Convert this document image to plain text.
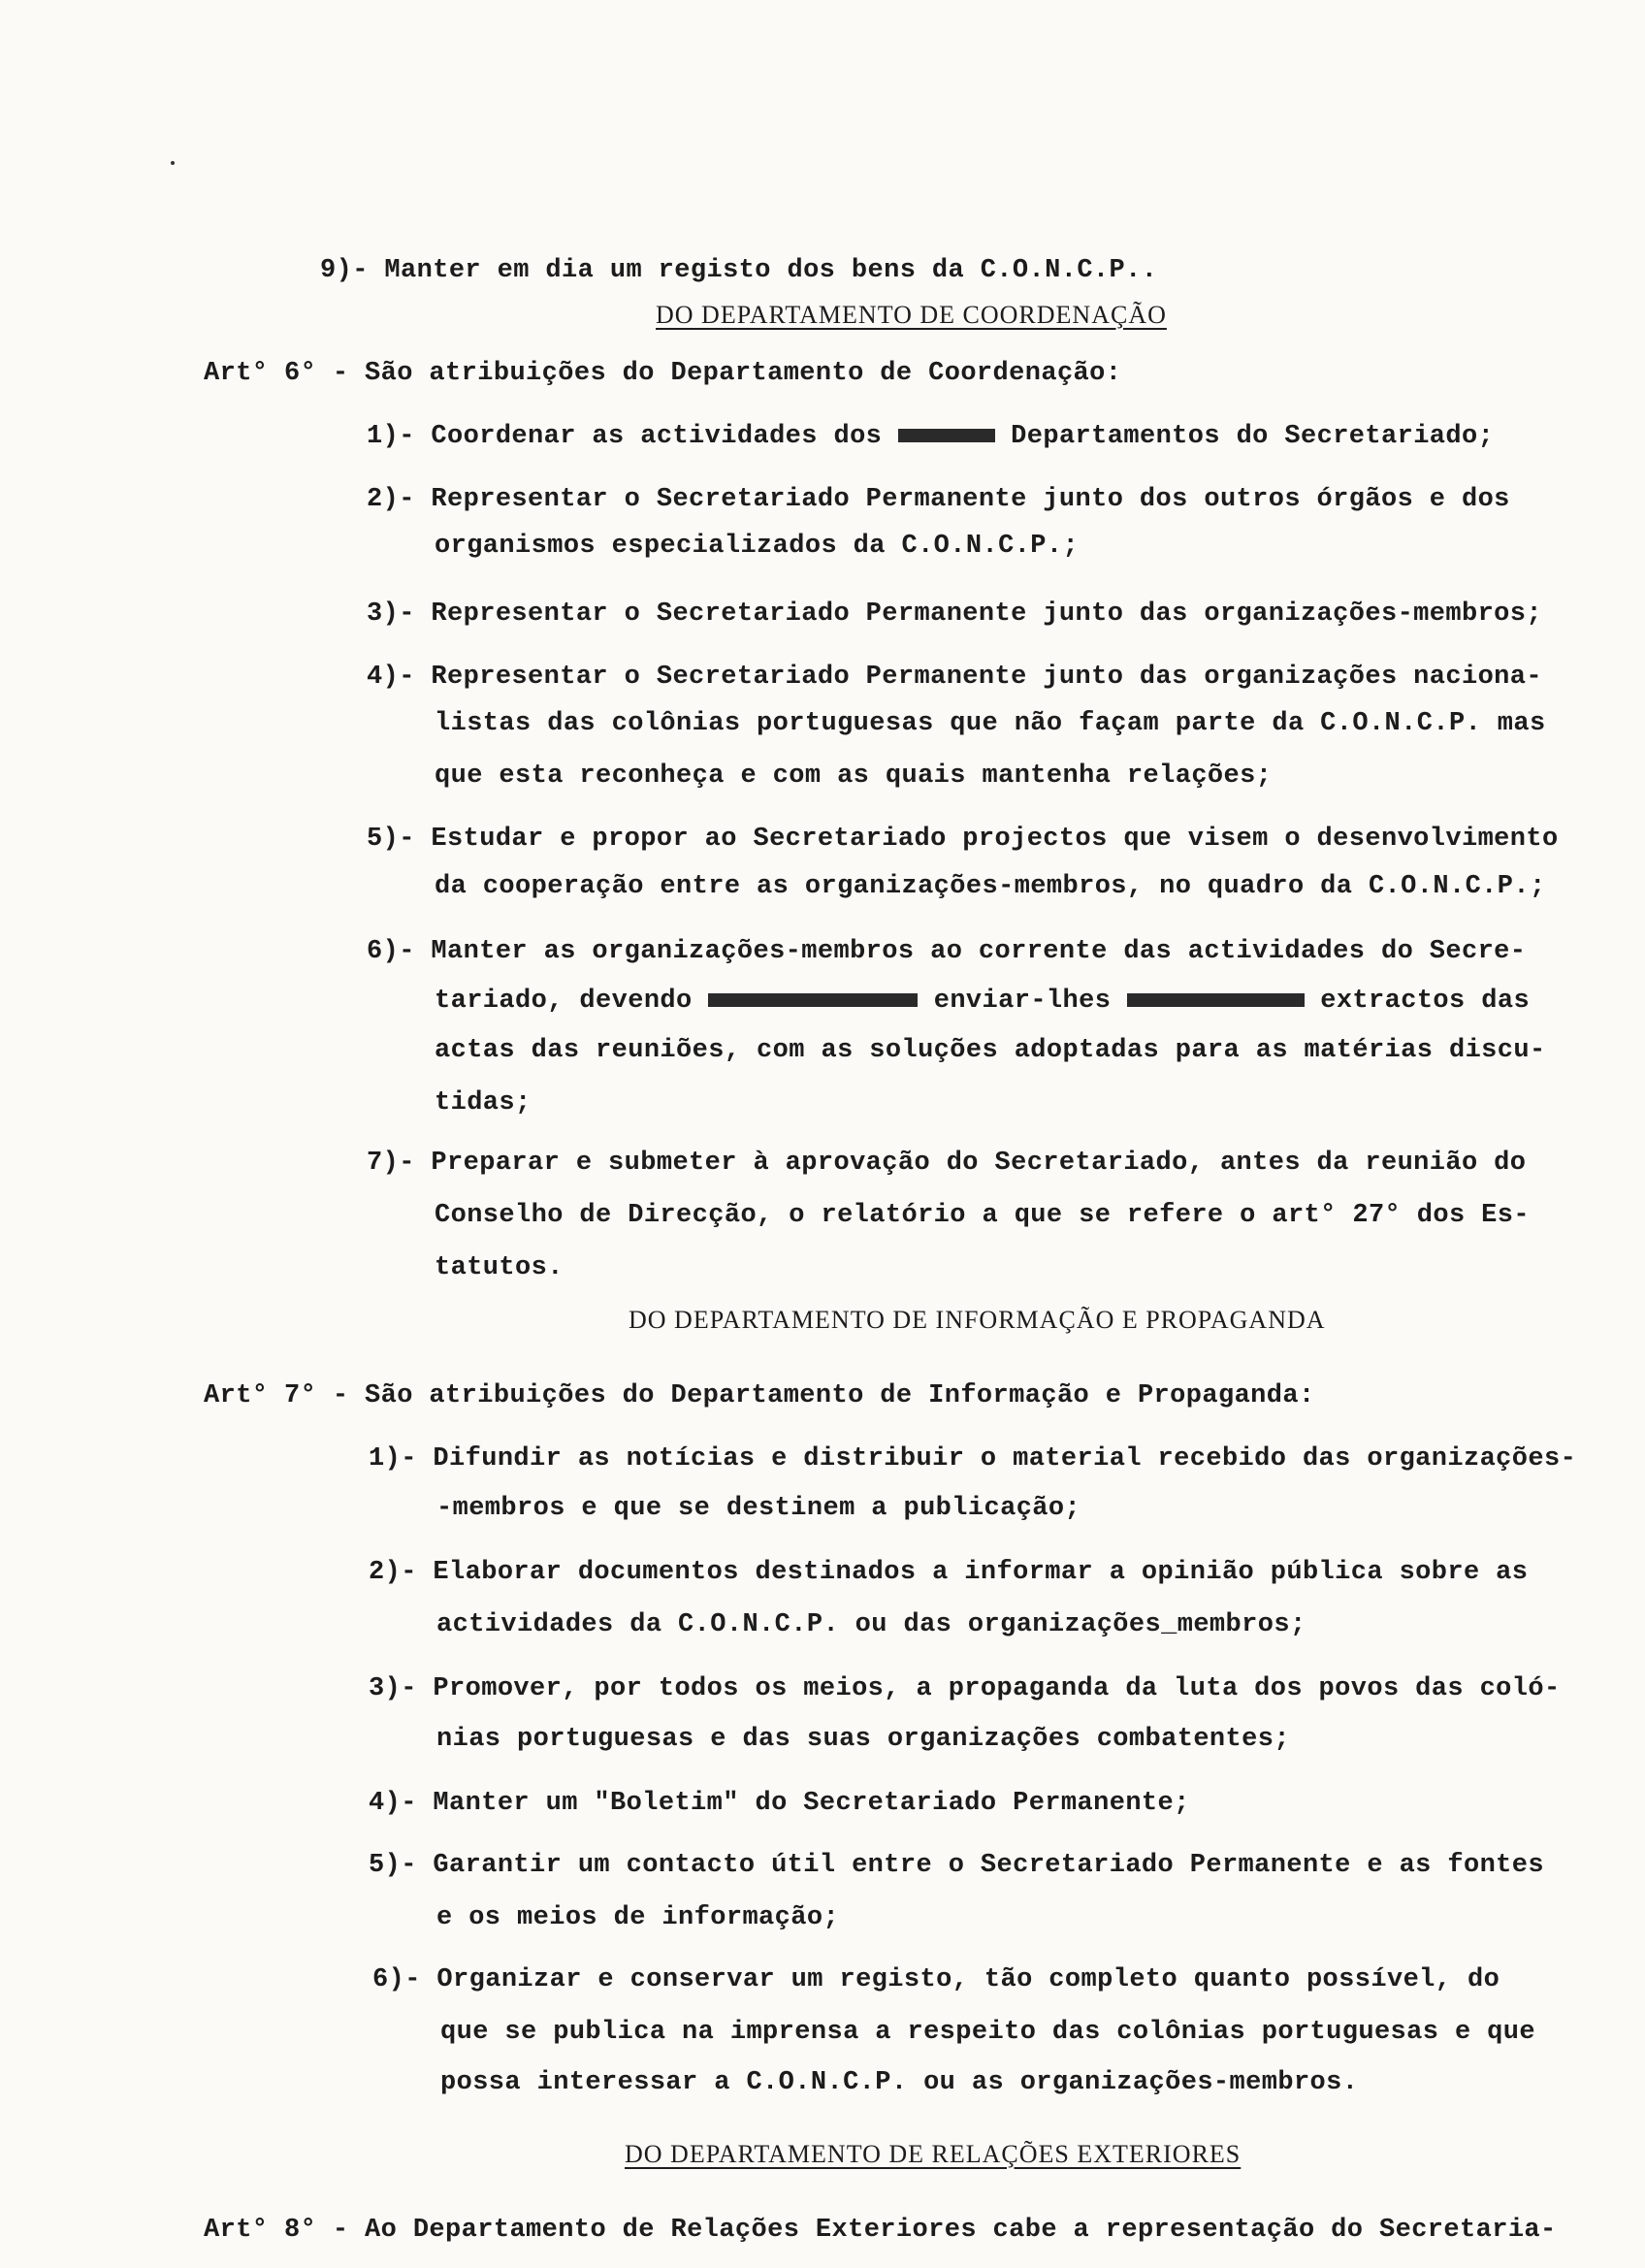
9)- Manter em dia um registo dos bens da C.O.N.C.P..
DO DEPARTAMENTO DE COORDENAÇÃO
Art° 6° - São atribuições do Departamento de Coordenação:
1)- Coordenar as actividades dos	Departamentos do Secretariado;
2)- Representar o Secretariado Permanente junto dos outros órgãos e dos
organismos especializados da C.O.N.C.P.;
3)- Representar o Secretariado Permanente junto das organizações-membros;
4)- Representar o Secretariado Permanente junto das organizações naciona-
listas das colônias portuguesas que não façam parte da C.O.N.C.P. mas
que esta reconheça e com as quais mantenha relações;
5)- Estudar e propor ao Secretariado projectos que visem o desenvolvimento
da cooperação entre as organizações-membros, no quadro da C.O.N.C.P.;
6)- Manter as organizações-membros ao corrente das actividades do Secre-
tariado, devendo	enviar-lhes	extractos das
actas das reuniões, com as soluções adoptadas para as matérias discu-
tidas;
7)- Preparar e submeter à aprovação do Secretariado, antes da reunião do
Conselho de Direcção, o relatório a que se refere o art° 27° dos Es-
tatutos.
DO DEPARTAMENTO DE INFORMAÇÃO E PROPAGANDA
Art° 7° - São atribuições do Departamento de Informação e Propaganda:
1)- Difundir as notícias e distribuir o material recebido das organizações-
-membros e que se destinem a publicação;
2)- Elaborar documentos destinados a informar a opinião pública sobre as
actividades da C.O.N.C.P. ou das organizações_membros;
3)- Promover, por todos os meios, a propaganda da luta dos povos das coló-
nias portuguesas e das suas organizações combatentes;
4)- Manter um "Boletim" do Secretariado Permanente;
5)- Garantir um contacto útil entre o Secretariado Permanente e as fontes
e os meios de informação;
6)- Organizar e conservar um registo, tão completo quanto possível, do
que se publica na imprensa a respeito das colônias portuguesas e que
possa interessar a C.O.N.C.P. ou as organizações-membros.
DO DEPARTAMENTO DE RELAÇÕES EXTERIORES
Art° 8° - Ao Departamento de Relações Exteriores cabe a representação do Secretaria-
